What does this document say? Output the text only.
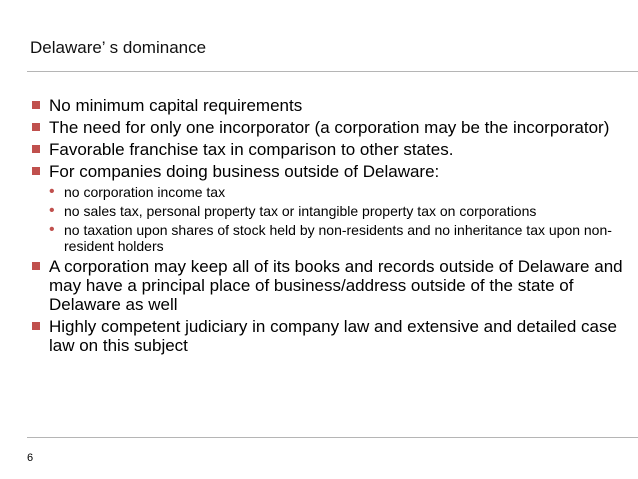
Delaware’ s dominance
No minimum capital requirements
The need for only one incorporator (a corporation may be the incorporator)
Favorable franchise tax in comparison to other states.
For companies doing business outside of Delaware:
• no corporation income tax
• no sales tax, personal property tax or intangible property tax on corporations
• no taxation upon shares of stock held by non-residents and no inheritance tax upon non-resident holders
A corporation may keep all of its books and records outside of Delaware and may have a principal place of business/address outside of the state of Delaware as well
Highly competent judiciary in company law and extensive and detailed case law on this subject
6
